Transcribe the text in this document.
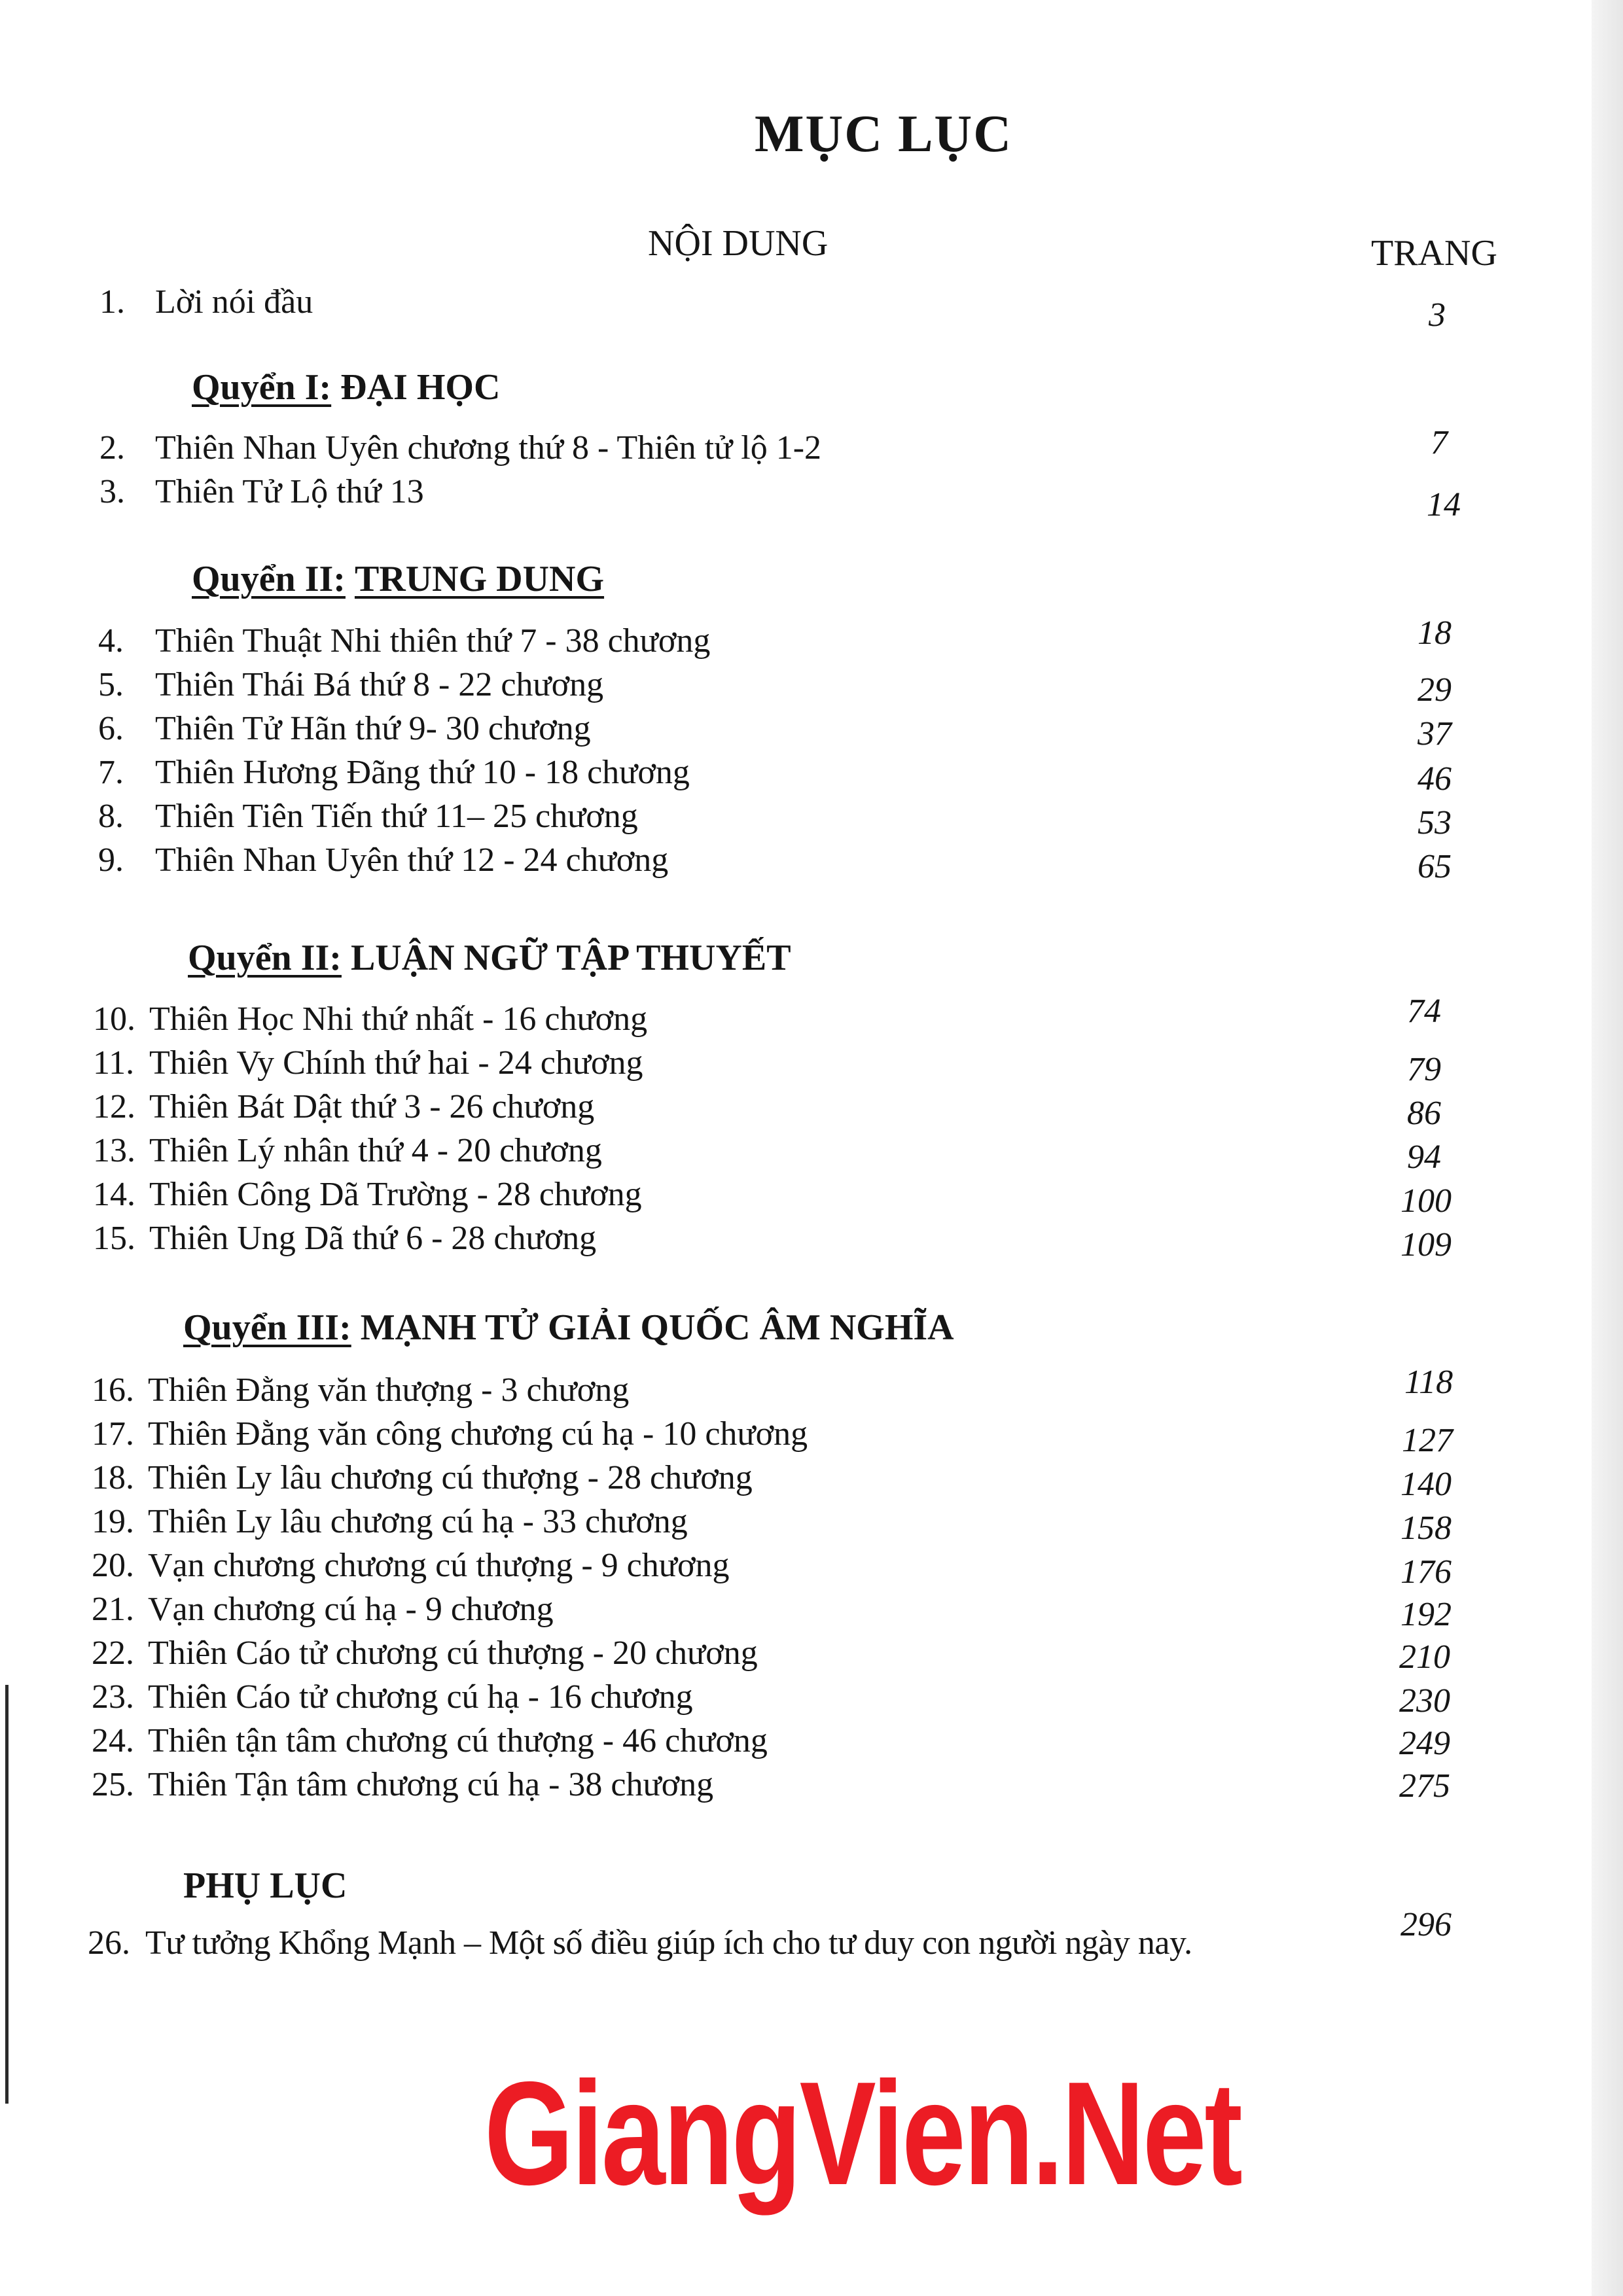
MỤC LỤC
NỘI DUNG	TRANG
1. Lời nói đầu	3
Quyển I: ĐẠI HỌC
2. Thiên Nhan Uyên chương thứ 8 - Thiên tử lộ 1-2	7
3. Thiên Tử Lộ thứ 13	14
Quyển II: TRUNG DUNG
4. Thiên Thuật Nhi thiên thứ 7 - 38 chương	18
5. Thiên Thái Bá thứ 8 - 22 chương	29
6. Thiên Tử Hãn thứ 9- 30 chương	37
7. Thiên Hương Đãng thứ 10 - 18 chương	46
8. Thiên Tiên Tiến thứ 11– 25 chương	53
9. Thiên Nhan Uyên thứ 12 - 24 chương	65
Quyển II: LUẬN NGỮ TẬP THUYẾT
10. Thiên Học Nhi thứ nhất - 16 chương	74
11. Thiên Vy Chính thứ hai - 24 chương	79
12. Thiên Bát Dật thứ 3 - 26 chương	86
13. Thiên Lý nhân thứ 4 - 20 chương	94
14. Thiên Công Dã Trường - 28 chương	100
15. Thiên Ung Dã thứ 6 - 28 chương	109
Quyển III: MẠNH TỬ GIẢI QUỐC ÂM NGHĨA
16. Thiên Đằng văn thượng - 3 chương	118
17. Thiên Đằng văn công chương cú hạ - 10 chương	127
18. Thiên Ly lâu chương cú thượng - 28 chương	140
19. Thiên Ly lâu chương cú hạ - 33 chương	158
20. Vạn chương chương cú thượng - 9 chương	176
21. Vạn chương cú hạ - 9 chương	192
22. Thiên Cáo tử chương cú thượng - 20 chương	210
23. Thiên Cáo tử chương cú hạ - 16 chương	230
24. Thiên tận tâm chương cú thượng - 46 chương	249
25. Thiên Tận tâm chương cú hạ - 38 chương	275
PHỤ LỤC
26. Tư tưởng Khổng Mạnh – Một số điều giúp ích cho tư duy con người ngày nay.	296
GiangVien.Net
